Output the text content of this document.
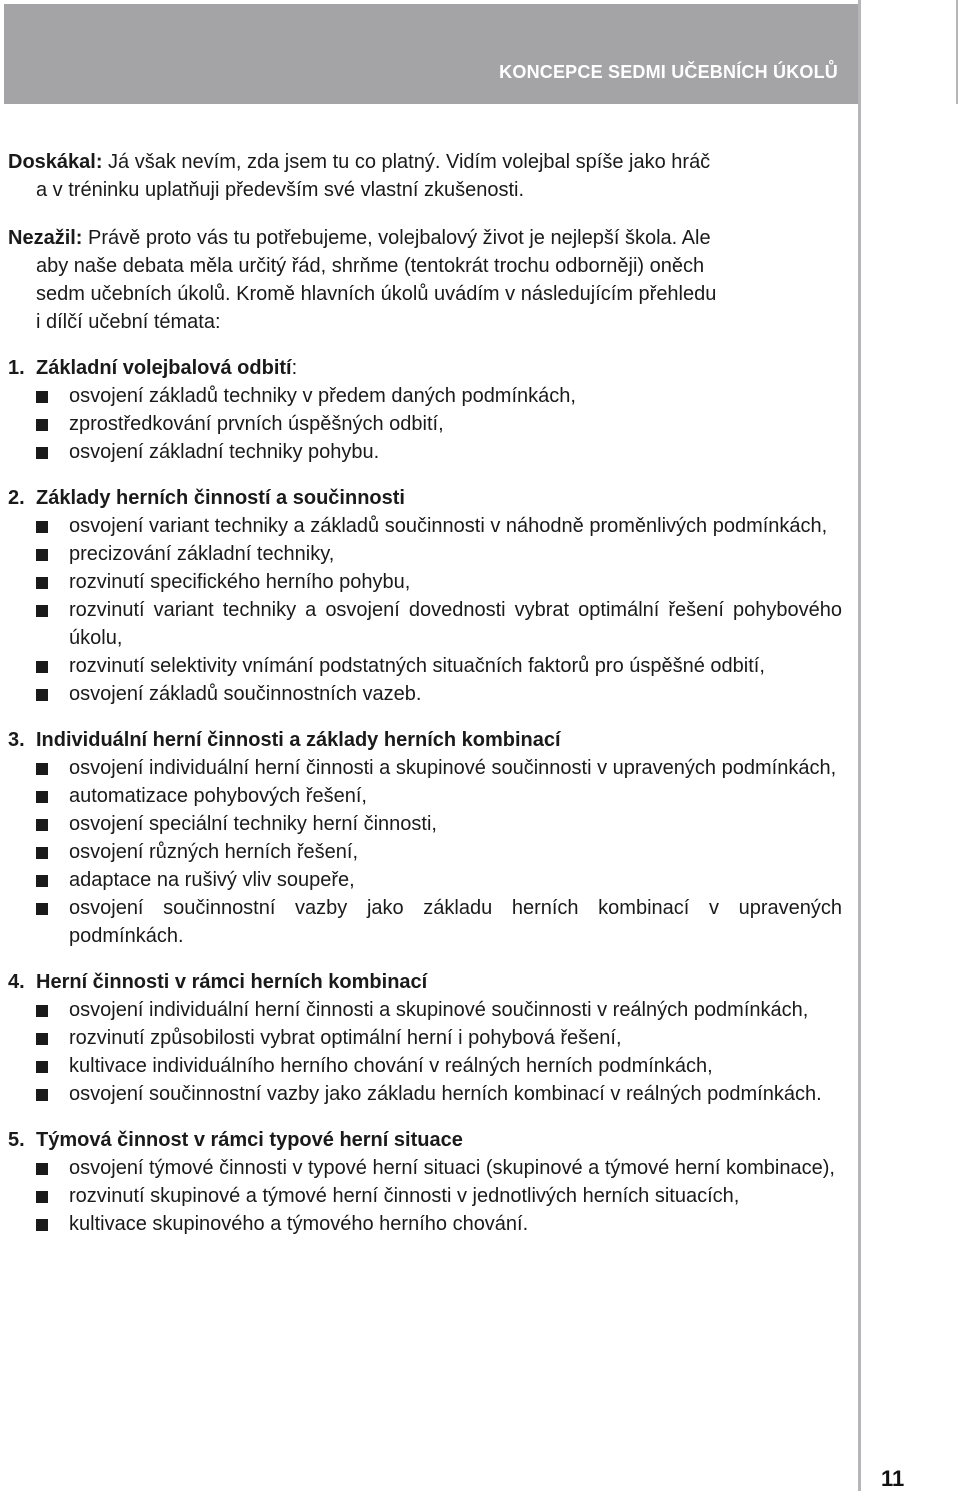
KONCEPCE SEDMI UČEBNÍCH ÚKOLŮ
Doskákal: Já však nevím, zda jsem tu co platný. Vidím volejbal spíše jako hráč
a v tréninku uplatňuji především své vlastní zkušenosti.
Nezažil: Právě proto vás tu potřebujeme, volejbalový život je nejlepší škola. Ale
aby naše debata měla určitý řád, shrňme (tentokrát trochu odborněji) oněch
sedm učebních úkolů. Kromě hlavních úkolů uvádím v následujícím přehledu
i dílčí učební témata:
1. Základní volejbalová odbití:
osvojení základů techniky v předem daných podmínkách,
zprostředkování prvních úspěšných odbití,
osvojení základní techniky pohybu.
2. Základy herních činností a součinnosti
osvojení variant techniky a základů součinnosti v náhodně proměnlivých podmínkách,
precizování základní techniky,
rozvinutí specifického herního pohybu,
rozvinutí variant techniky a osvojení dovednosti vybrat optimální řešení pohybového úkolu,
rozvinutí selektivity vnímání podstatných situačních faktorů pro úspěšné odbití,
osvojení základů součinnostních vazeb.
3. Individuální herní činnosti a základy herních kombinací
osvojení individuální herní činnosti a skupinové součinnosti v upravených podmínkách,
automatizace pohybových řešení,
osvojení speciální techniky herní činnosti,
osvojení různých herních řešení,
adaptace na rušivý vliv soupeře,
osvojení součinnostní vazby jako základu herních kombinací v upravených podmínkách.
4. Herní činnosti v rámci herních kombinací
osvojení individuální herní činnosti a skupinové součinnosti v reálných podmínkách,
rozvinutí způsobilosti vybrat optimální herní i pohybová řešení,
kultivace individuálního herního chování v reálných herních podmínkách,
osvojení součinnostní vazby jako základu herních kombinací v reálných podmínkách.
5. Týmová činnost v rámci typové herní situace
osvojení týmové činnosti v typové herní situaci (skupinové a týmové herní kombinace),
rozvinutí skupinové a týmové herní činnosti v jednotlivých herních situacích,
kultivace skupinového a týmového herního chování.
11
